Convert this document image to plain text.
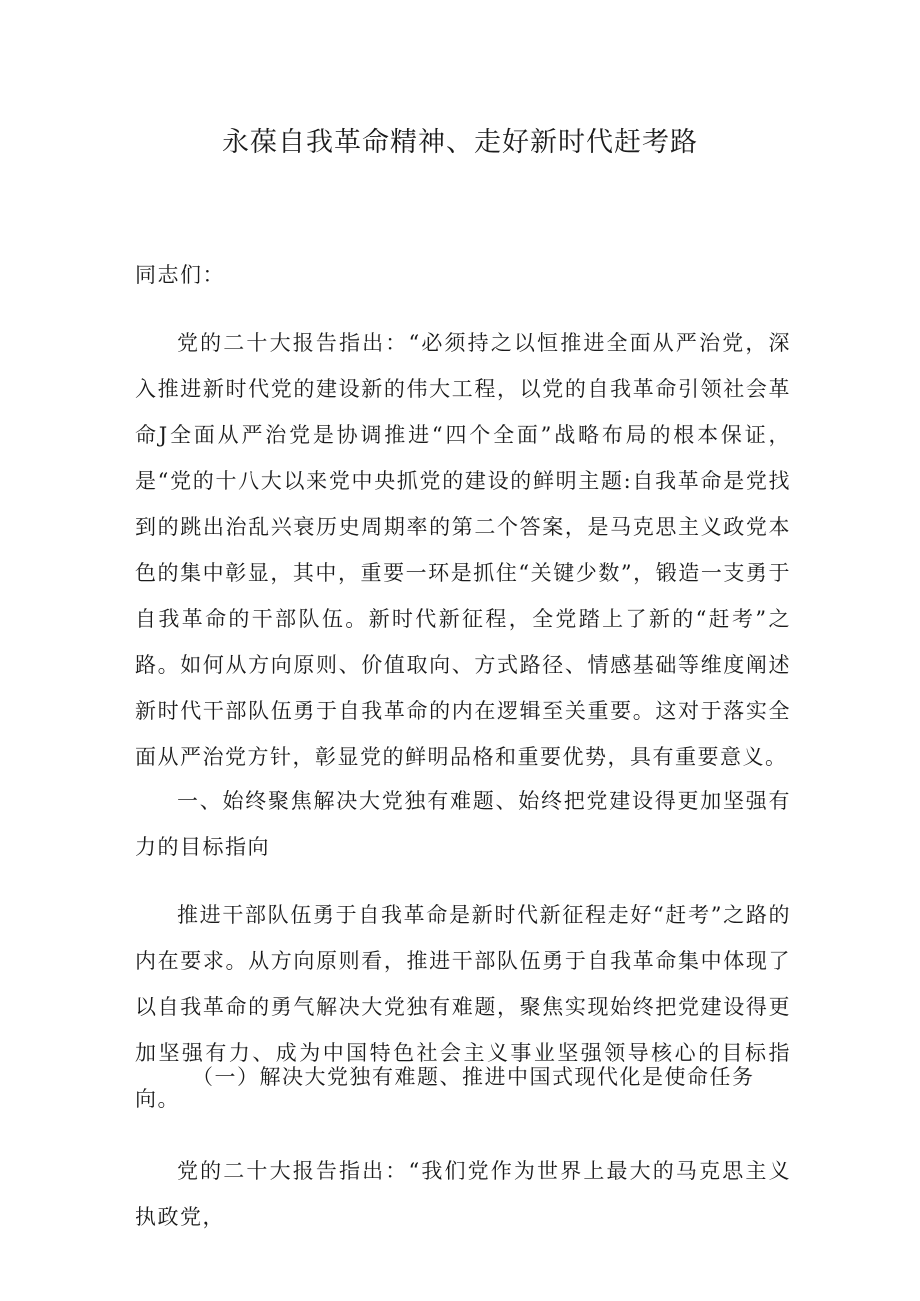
永葆自我革命精神、走好新时代赶考路
同志们：
党的二十大报告指出：“必须持之以恒推进全面从严治党，深入推进新时代党的建设新的伟大工程，以党的自我革命引领社会革命J全面从严治党是协调推进“四个全面”战略布局的根本保证，是“党的十八大以来党中央抓党的建设的鲜明主题:自我革命是党找到的跳出治乱兴衰历史周期率的第二个答案，是马克思主义政党本色的集中彰显，其中，重要一环是抓住“关键少数”，锻造一支勇于自我革命的干部队伍。新时代新征程，全党踏上了新的“赶考”之路。如何从方向原则、价值取向、方式路径、情感基础等维度阐述新时代干部队伍勇于自我革命的内在逻辑至关重要。这对于落实全面从严治党方针，彰显党的鲜明品格和重要优势，具有重要意义。
一、始终聚焦解决大党独有难题、始终把党建设得更加坚强有力的目标指向
推进干部队伍勇于自我革命是新时代新征程走好“赶考”之路的内在要求。从方向原则看，推进干部队伍勇于自我革命集中体现了以自我革命的勇气解决大党独有难题，聚焦实现始终把党建设得更加坚强有力、成为中国特色社会主义事业坚强领导核心的目标指向。
（一）解决大党独有难题、推进中国式现代化是使命任务
党的二十大报告指出：“我们党作为世界上最大的马克思主义执政党，
